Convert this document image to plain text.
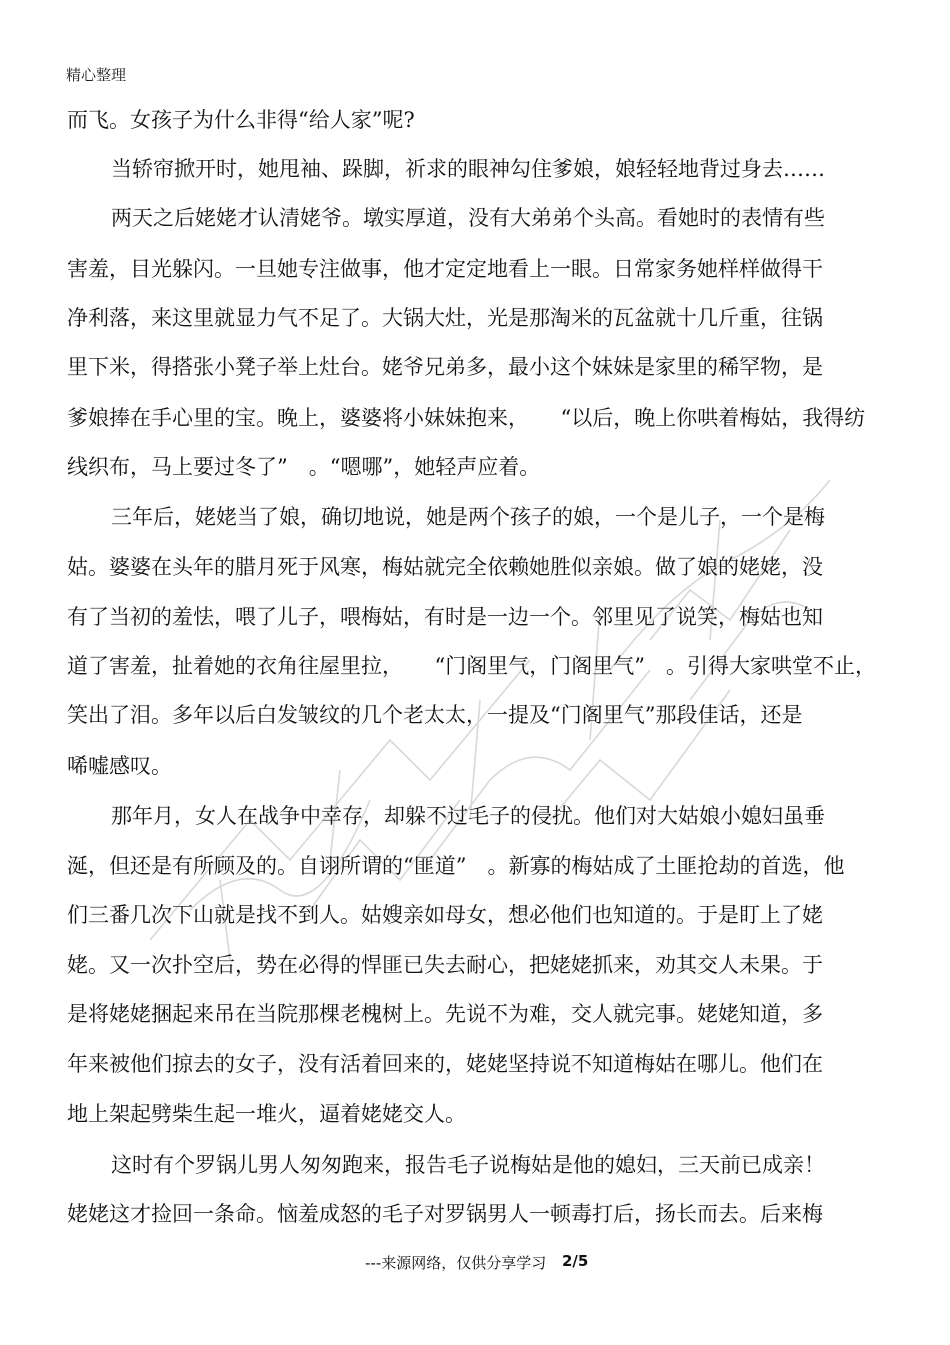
精心整理
而飞。女孩子为什么非得“给人家”呢?
当轿帘掀开时，她甩袖、跺脚，祈求的眼神勾住爹娘，娘轻轻地背过身去……
两天之后姥姥才认清姥爷。墩实厚道，没有大弟弟个头高。看她时的表情有些
害羞，目光躲闪。一旦她专注做事，他才定定地看上一眼。日常家务她样样做得干
净利落，来这里就显力气不足了。大锅大灶，光是那淘米的瓦盆就十几斤重，往锅
里下米，得搭张小凳子举上灶台。姥爷兄弟多，最小这个妹妹是家里的稀罕物，是
爹娘捧在手心里的宝。晚上，婆婆将小妹妹抱来，　　“以后，晚上你哄着梅姑，我得纺
线织布，马上要过冬了”　。“嗯哪”，她轻声应着。
三年后，姥姥当了娘，确切地说，她是两个孩子的娘，一个是儿子，一个是梅
姑。婆婆在头年的腊月死于风寒，梅姑就完全依赖她胜似亲娘。做了娘的姥姥，没
有了当初的羞怯，喂了儿子，喂梅姑，有时是一边一个。邻里见了说笑，梅姑也知
道了害羞，扯着她的衣角往屋里拉，　　“门阁里气，门阁里气”　。引得大家哄堂不止，
笑出了泪。多年以后白发皱纹的几个老太太，一提及“门阁里气”那段佳话，还是
唏嘘感叹。
那年月，女人在战争中幸存，却躲不过毛子的侵扰。他们对大姑娘小媳妇虽垂
涎，但还是有所顾及的。自诩所谓的“匪道”　。新寡的梅姑成了土匪抢劫的首选，他
们三番几次下山就是找不到人。姑嫂亲如母女，想必他们也知道的。于是盯上了姥
姥。又一次扑空后，势在必得的悍匪已失去耐心，把姥姥抓来，劝其交人未果。于
是将姥姥捆起来吊在当院那棵老槐树上。先说不为难，交人就完事。姥姥知道，多
年来被他们掠去的女子，没有活着回来的，姥姥坚持说不知道梅姑在哪儿。他们在
地上架起劈柴生起一堆火，逼着姥姥交人。
这时有个罗锅儿男人匆匆跑来，报告毛子说梅姑是他的媳妇，三天前已成亲！
姥姥这才捡回一条命。恼羞成怒的毛子对罗锅男人一顿毒打后，扬长而去。后来梅
---来源网络，仅供分享学习 2/5
